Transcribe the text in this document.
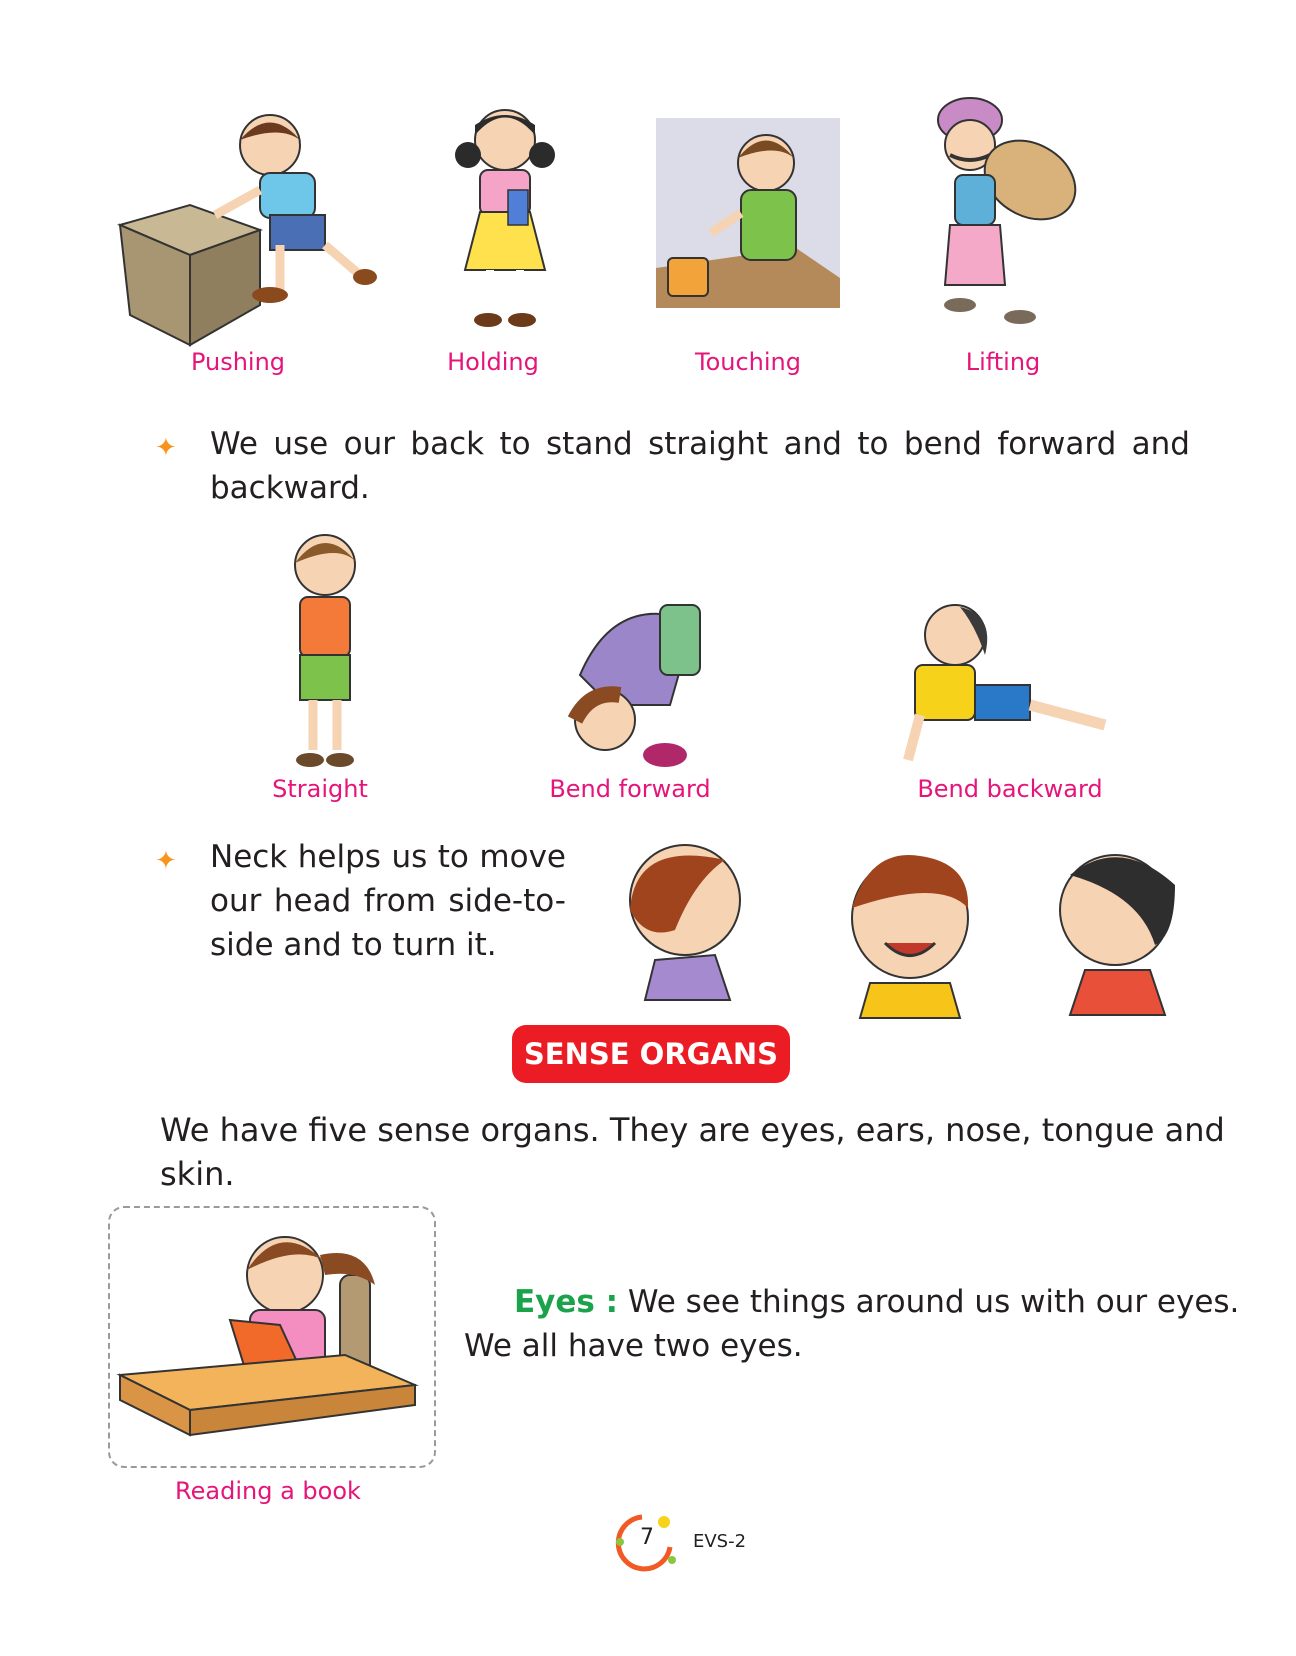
Pushing	Holding	Touching	Lifting
✦ We use our back to stand straight and to bend forward and
backward.
Straight	Bend forward	Bend backward
✦ Neck helps us to move
our head from side-to-
side and to turn it.
SENSE ORGANS
We have five sense organs. They are eyes, ears, nose, tongue and skin.
Reading a book
Eyes : We see things around us with our eyes.
We all have two eyes.
7 EVS-2
